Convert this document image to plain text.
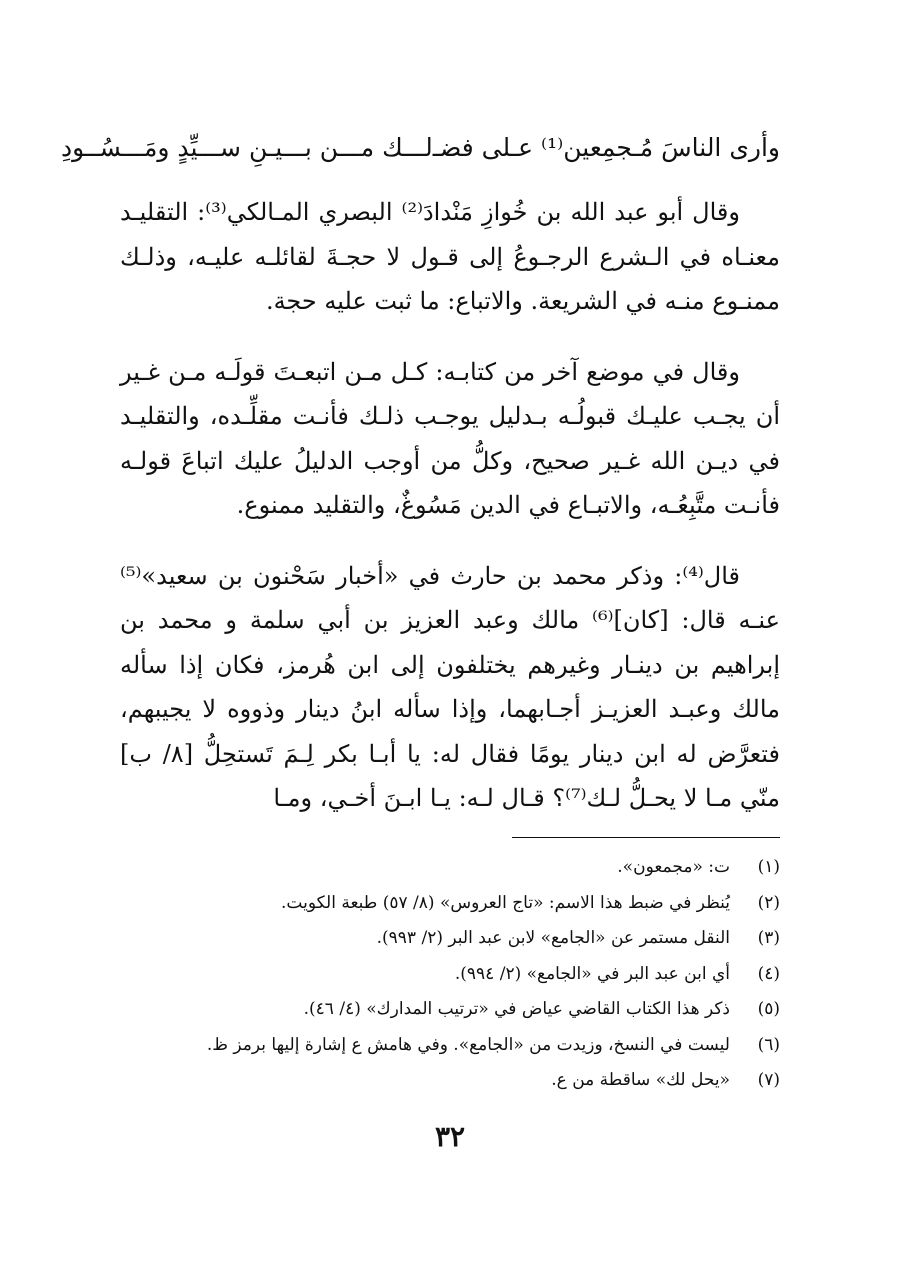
وأرى الناسَ مُـجمِعين⁽¹⁾ عـلى فضـ
لـــك مـــن بـــيـنِ ســـيِّدٍ ومَـــسُــودِ

وقال أبو عبد الله بن خُوازِ مَنْدادَ⁽²⁾ البصري المـالكي⁽³⁾: التقليـد معنـاه في الـشرع الرجـوعُ إلى قـول لا حجـةَ لقائلـه عليـه، وذلـك ممنـوع منـه في الشريعة. والاتباع: ما ثبت عليه حجة.

وقال في موضع آخر من كتابـه: كـل مـن اتبعـتَ قولَـه مـن غـير أن يجـب عليـك قبولُـه بـدليل يوجـب ذلـك فأنـت مقلِّـده، والتقليـد في ديـن الله غـير صحيح، وكلُّ من أوجب الدليلُ عليك اتباعَ قولـه فأنـت متَّبِعُـه، والاتبـاع في الدين مَسُوغٌ، والتقليد ممنوع.

قال⁽⁴⁾: وذكر محمد بن حارث في «أخبار سَحْنون بن سعيد»⁽⁵⁾ عنـه قال: [كان]⁽⁶⁾ مالك وعبد العزيز بن أبي سلمة و محمد بن إبراهيم بن دينـار وغيرهم يختلفون إلى ابن هُرمز، فكان إذا سأله مالك وعبـد العزيـز أجـابهما، وإذا سأله ابنُ دينار وذووه لا يجيبهم، فتعرَّض له ابن دينار يومًا فقال له: يا أبـا بكر لِـمَ تَستحِلُّ [٨/ ب] منّي مـا لا يحـلُّ لـك⁽⁷⁾؟ قـال لـه: يـا ابـنَ أخـي، ومـا

(١)
ت: «مجمعون».
(٢)
يُنظر في ضبط هذا الاسم: «تاج العروس» (٨/ ٥٧) طبعة الكويت.
(٣)
النقل مستمر عن «الجامع» لابن عبد البر (٢/ ٩٩٣).
(٤)
أي ابن عبد البر في «الجامع» (٢/ ٩٩٤).
(٥)
ذكر هذا الكتاب القاضي عياض في «ترتيب المدارك» (٤/ ٤٦).
(٦)
ليست في النسخ، وزيدت من «الجامع». وفي هامش ع إشارة إليها برمز ظ.
(٧)
«يحل لك» ساقطة من ع.
٣٢
